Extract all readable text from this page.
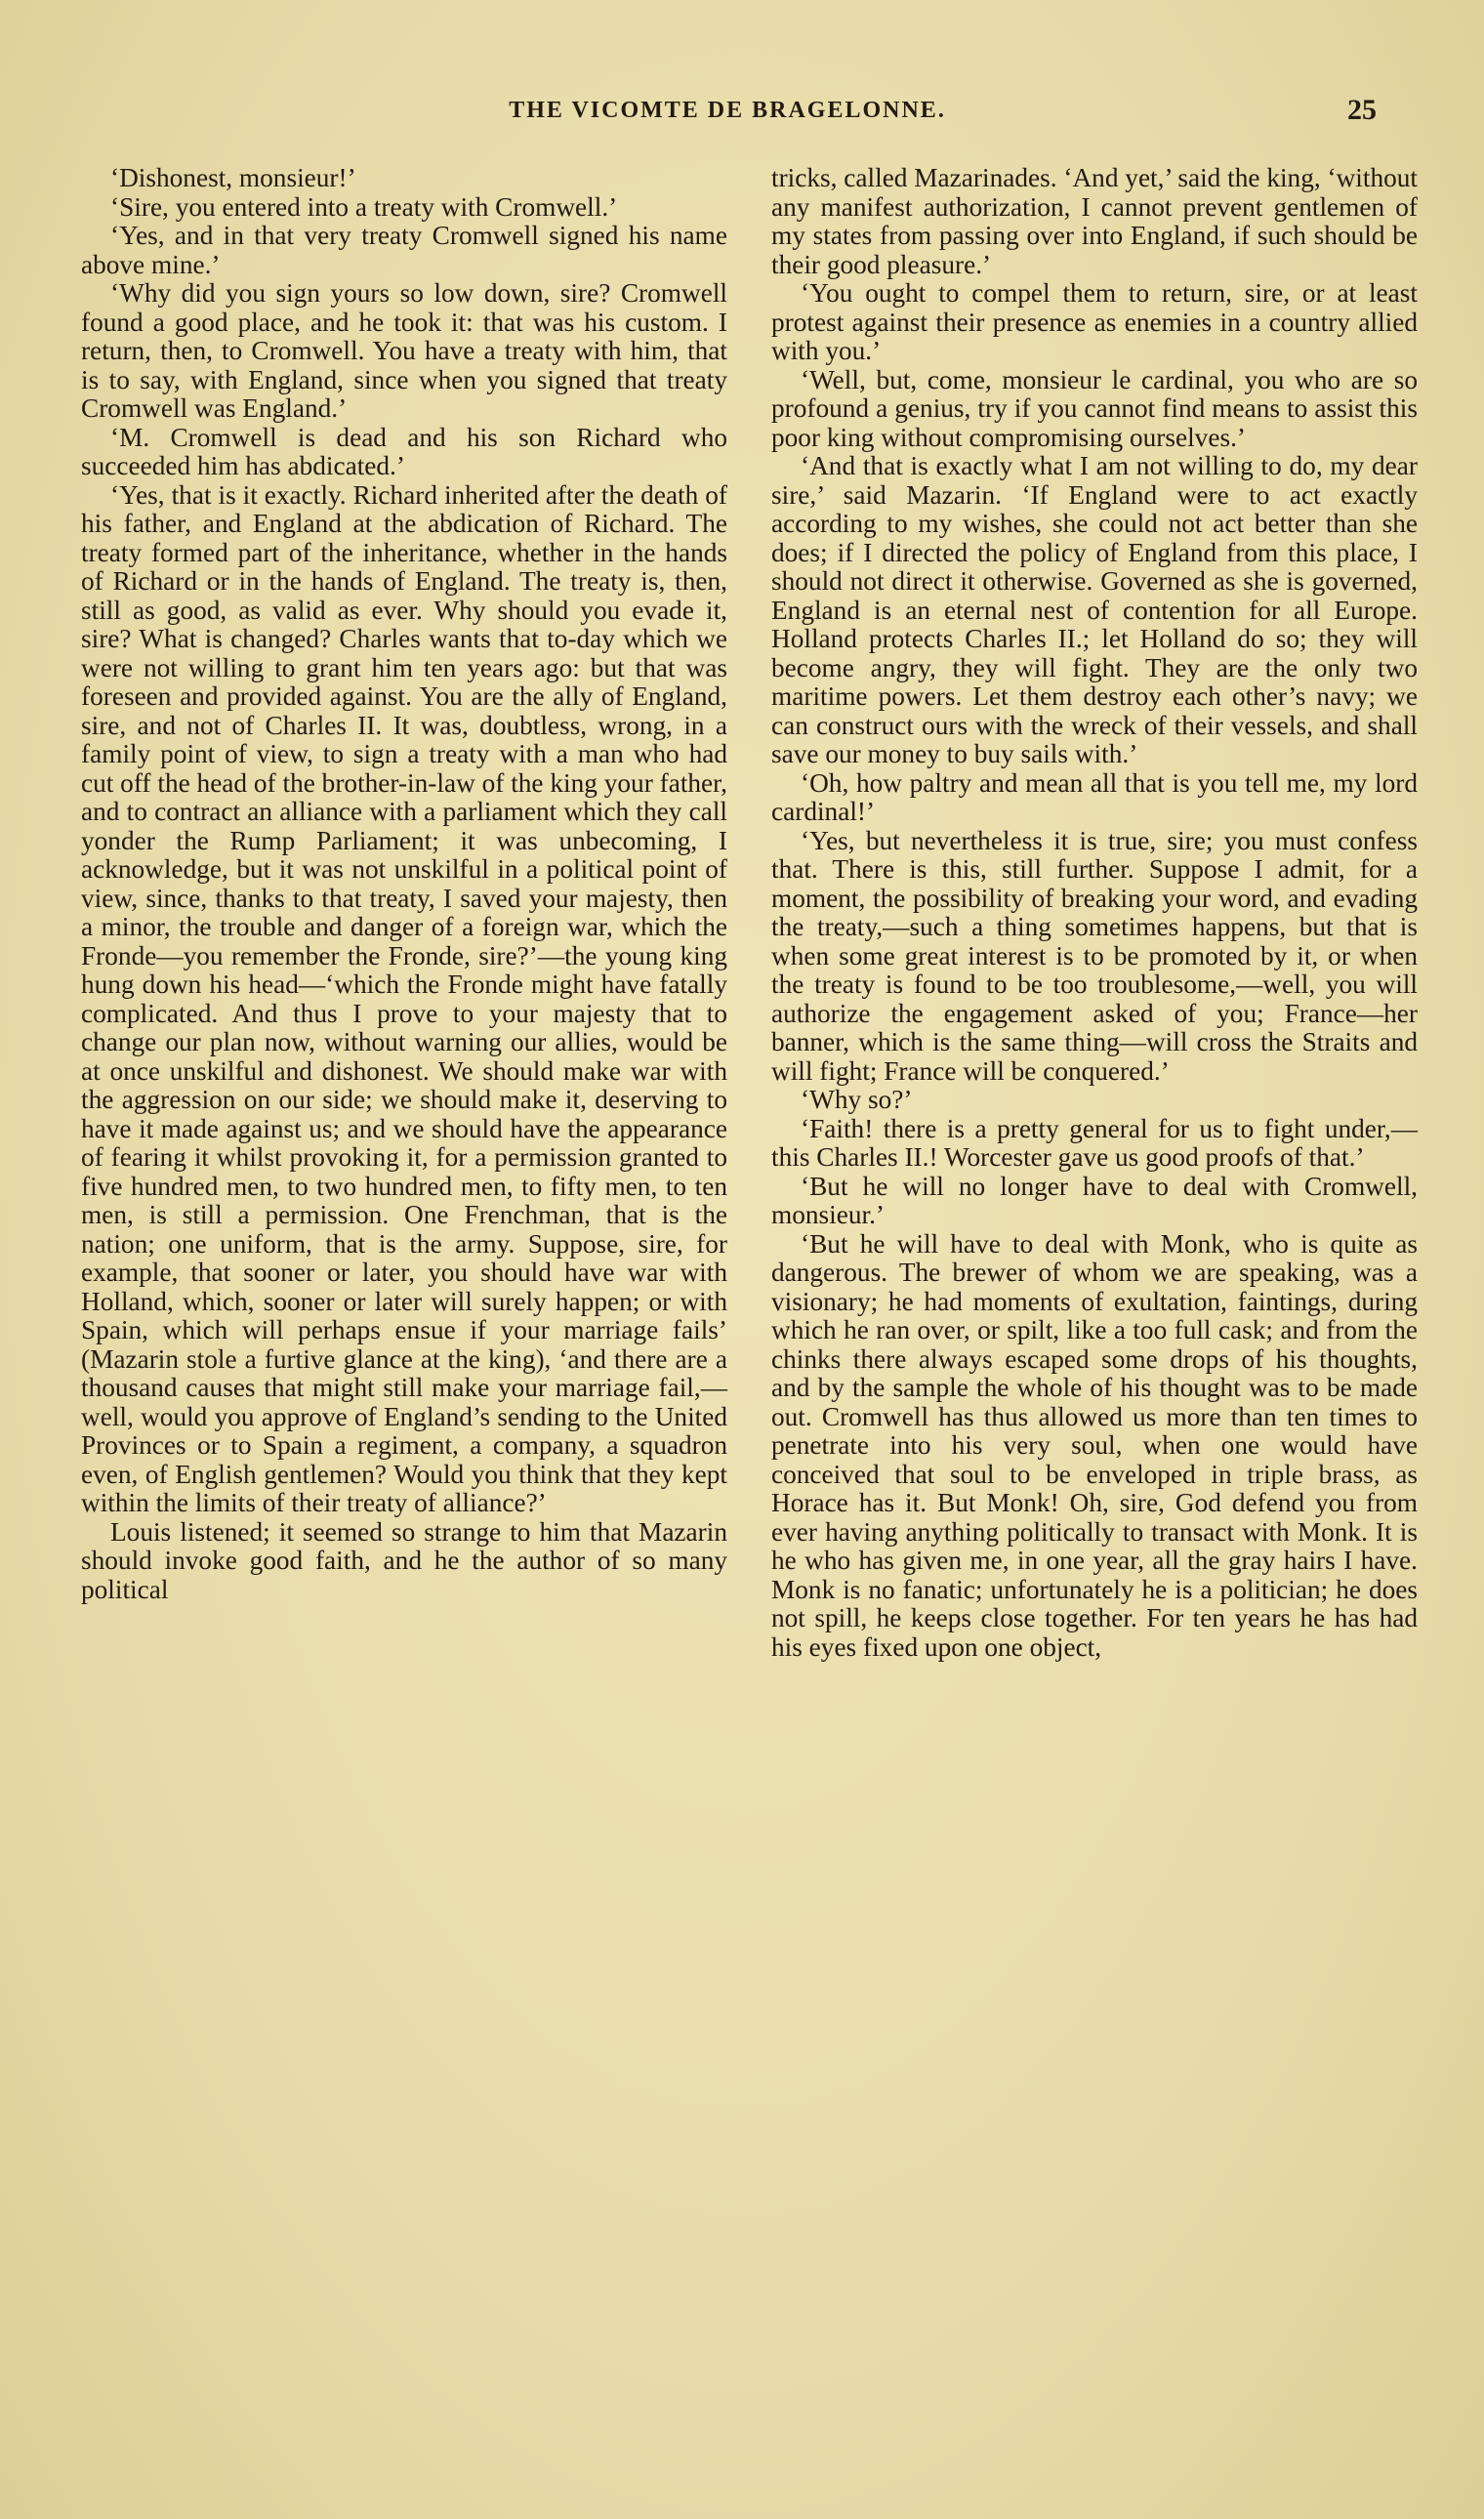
THE VICOMTE DE BRAGELONNE.	25

‘Dishonest, monsieur!’

‘Sire, you entered into a treaty with Cromwell.’

‘Yes, and in that very treaty Cromwell signed his name above mine.’

‘Why did you sign yours so low down, sire? Cromwell found a good place, and he took it: that was his custom. I return, then, to Cromwell. You have a treaty with him, that is to say, with England, since when you signed that treaty Cromwell was England.’

‘M. Cromwell is dead and his son Richard who succeeded him has abdicated.’

‘Yes, that is it exactly. Richard inherited after the death of his father, and England at the abdication of Richard. The treaty formed part of the inheritance, whether in the hands of Richard or in the hands of England. The treaty is, then, still as good, as valid as ever. Why should you evade it, sire? What is changed? Charles wants that to-day which we were not willing to grant him ten years ago: but that was foreseen and provided against. You are the ally of England, sire, and not of Charles II. It was, doubtless, wrong, in a family point of view, to sign a treaty with a man who had cut off the head of the brother-in-law of the king your father, and to contract an alliance with a parliament which they call yonder the Rump Parliament; it was unbecoming, I acknowledge, but it was not unskilful in a political point of view, since, thanks to that treaty, I saved your majesty, then a minor, the trouble and danger of a foreign war, which the Fronde—you remember the Fronde, sire?’—the young king hung down his head—‘which the Fronde might have fatally complicated. And thus I prove to your majesty that to change our plan now, without warning our allies, would be at once unskilful and dishonest. We should make war with the aggression on our side; we should make it, deserving to have it made against us; and we should have the appearance of fearing it whilst provoking it, for a permission granted to five hundred men, to two hundred men, to fifty men, to ten men, is still a permission. One Frenchman, that is the nation; one uniform, that is the army. Suppose, sire, for example, that sooner or later, you should have war with Holland, which, sooner or later will surely happen; or with Spain, which will perhaps ensue if your marriage fails’ (Mazarin stole a furtive glance at the king), ‘and there are a thousand causes that might still make your marriage fail,—well, would you approve of England’s sending to the United Provinces or to Spain a regiment, a company, a squadron even, of English gentlemen? Would you think that they kept within the limits of their treaty of alliance?’

Louis listened; it seemed so strange to him that Mazarin should invoke good faith, and he the author of so many political

tricks, called Mazarinades. ‘And yet,’ said the king, ‘without any manifest authorization, I cannot prevent gentlemen of my states from passing over into England, if such should be their good pleasure.’

‘You ought to compel them to return, sire, or at least protest against their presence as enemies in a country allied with you.’

‘Well, but, come, monsieur le cardinal, you who are so profound a genius, try if you cannot find means to assist this poor king without compromising ourselves.’

‘And that is exactly what I am not willing to do, my dear sire,’ said Mazarin. ‘If England were to act exactly according to my wishes, she could not act better than she does; if I directed the policy of England from this place, I should not direct it otherwise. Governed as she is governed, England is an eternal nest of contention for all Europe. Holland protects Charles II.; let Holland do so; they will become angry, they will fight. They are the only two maritime powers. Let them destroy each other’s navy; we can construct ours with the wreck of their vessels, and shall save our money to buy sails with.’

‘Oh, how paltry and mean all that is you tell me, my lord cardinal!’

‘Yes, but nevertheless it is true, sire; you must confess that. There is this, still further. Suppose I admit, for a moment, the possibility of breaking your word, and evading the treaty,—such a thing sometimes happens, but that is when some great interest is to be promoted by it, or when the treaty is found to be too troublesome,—well, you will authorize the engagement asked of you; France—her banner, which is the same thing—will cross the Straits and will fight; France will be conquered.’

‘Why so?’

‘Faith! there is a pretty general for us to fight under,—this Charles II.! Worcester gave us good proofs of that.’

‘But he will no longer have to deal with Cromwell, monsieur.’

‘But he will have to deal with Monk, who is quite as dangerous. The brewer of whom we are speaking, was a visionary; he had moments of exultation, faintings, during which he ran over, or spilt, like a too full cask; and from the chinks there always escaped some drops of his thoughts, and by the sample the whole of his thought was to be made out. Cromwell has thus allowed us more than ten times to penetrate into his very soul, when one would have conceived that soul to be enveloped in triple brass, as Horace has it. But Monk! Oh, sire, God defend you from ever having anything politically to transact with Monk. It is he who has given me, in one year, all the gray hairs I have. Monk is no fanatic; unfortunately he is a politician; he does not spill, he keeps close together. For ten years he has had his eyes fixed upon one object,
